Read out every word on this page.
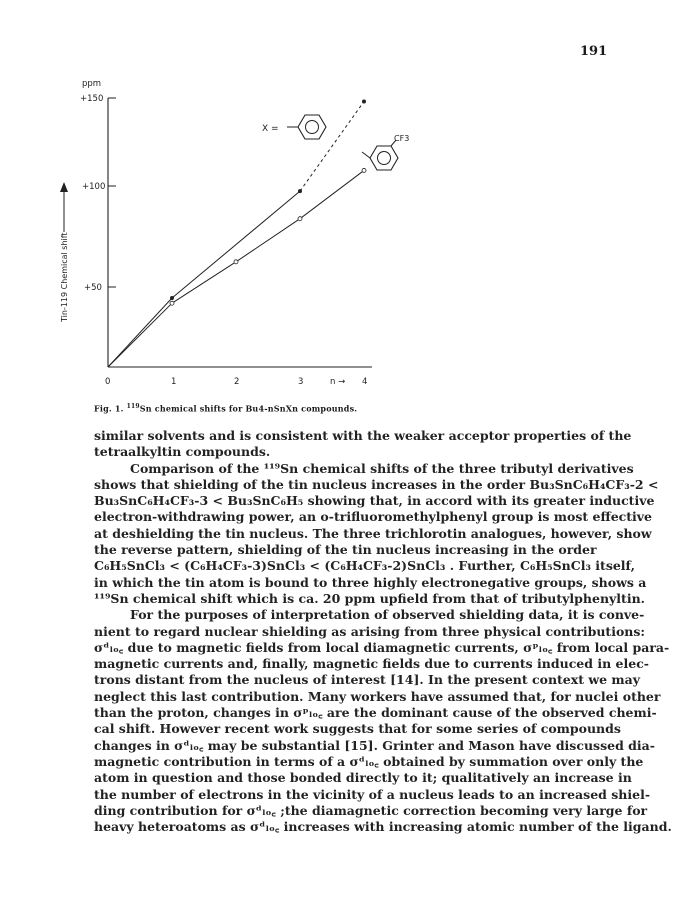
191
ppm
+150
+100
+50
Tin-119 Chemical shift
0	1	2	3	4
n →
X =
CF3
Fig. 1. $^{119}$Sn chemical shifts for Bu4-nSnXn compounds.
similar solvents and is consistent with the weaker acceptor properties of the
tetraalkyltin compounds.
Comparison of the ¹¹⁹Sn chemical shifts of the three tributyl derivatives
shows that shielding of the tin nucleus increases in the order Bu₃SnC₆H₄CF₃-2 <
Bu₃SnC₆H₄CF₃-3 < Bu₃SnC₆H₅ showing that, in accord with its greater inductive
electron-withdrawing power, an o-trifluoromethylphenyl group is most effective
at deshielding the tin nucleus. The three trichlorotin analogues, however, show
the reverse pattern, shielding of the tin nucleus increasing in the order
C₆H₅SnCl₃ < (C₆H₄CF₃-3)SnCl₃ < (C₆H₄CF₃-2)SnCl₃ . Further, C₆H₅SnCl₃ itself,
in which the tin atom is bound to three highly electronegative groups, shows a
¹¹⁹Sn chemical shift which is ca. 20 ppm upfield from that of tributylphenyltin.
For the purposes of interpretation of observed shielding data, it is conve-
nient to regard nuclear shielding as arising from three physical contributions:
σᵈₗₒ꜀ due to magnetic fields from local diamagnetic currents, σᵖₗₒ꜀ from local para-
magnetic currents and, finally, magnetic fields due to currents induced in elec-
trons distant from the nucleus of interest [14]. In the present context we may
neglect this last contribution. Many workers have assumed that, for nuclei other
than the proton, changes in σᵖₗₒ꜀ are the dominant cause of the observed chemi-
cal shift. However recent work suggests that for some series of compounds
changes in σᵈₗₒ꜀ may be substantial [15]. Grinter and Mason have discussed dia-
magnetic contribution in terms of a σᵈₗₒ꜀ obtained by summation over only the
atom in question and those bonded directly to it; qualitatively an increase in
the number of electrons in the vicinity of a nucleus leads to an increased shiel-
ding contribution for σᵈₗₒ꜀ ;the diamagnetic correction becoming very large for
heavy heteroatoms as σᵈₗₒ꜀ increases with increasing atomic number of the ligand.
